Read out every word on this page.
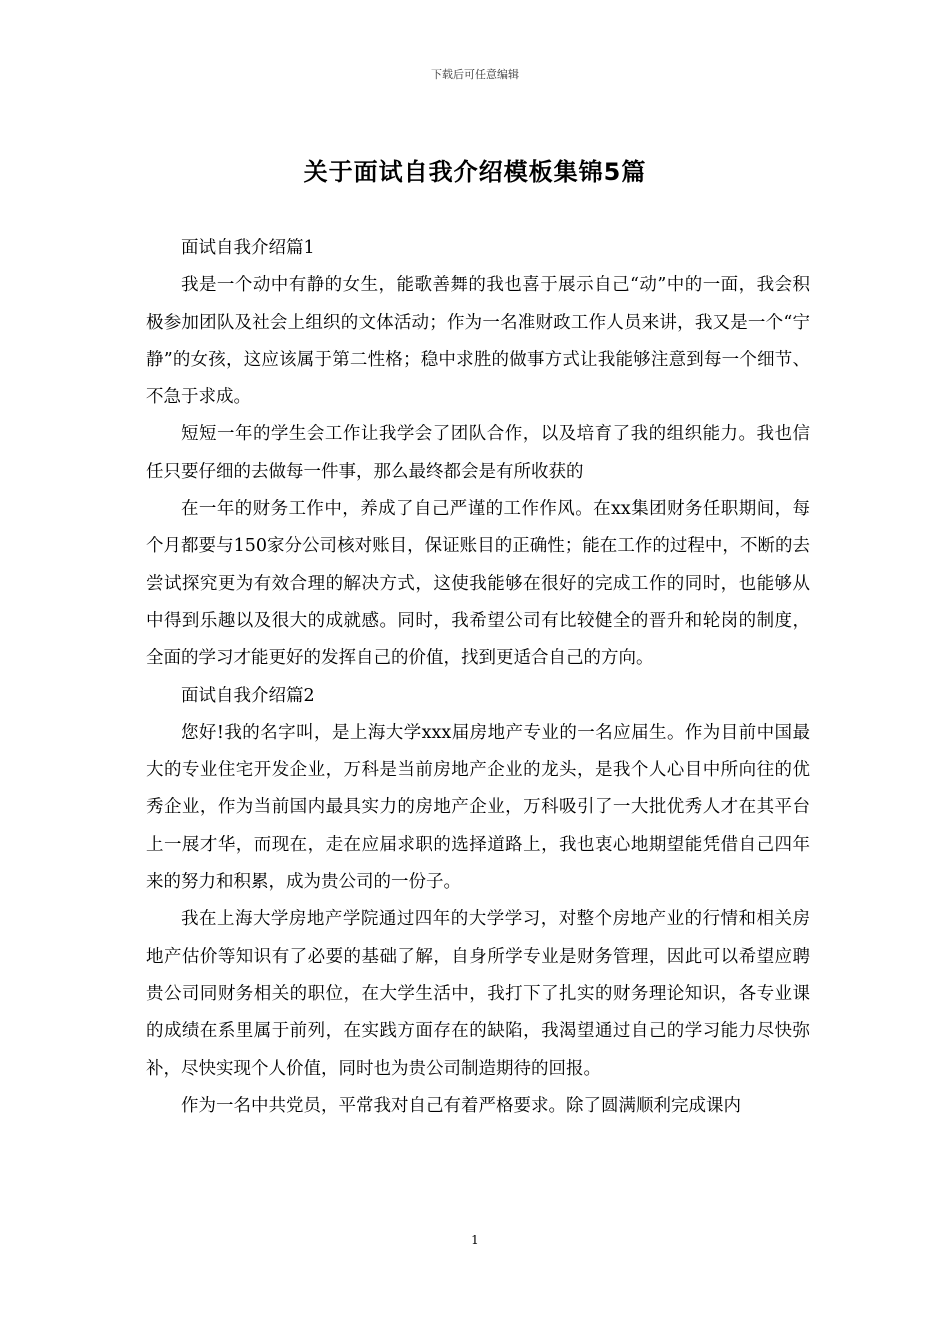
下载后可任意编辑
关于面试自我介绍模板集锦5篇

面试自我介绍篇1

我是一个动中有静的女生，能歌善舞的我也喜于展示自己“动”中的一面，我会积极参加团队及社会上组织的文体活动；作为一名准财政工作人员来讲，我又是一个“宁静”的女孩，这应该属于第二性格；稳中求胜的做事方式让我能够注意到每一个细节、不急于求成。

短短一年的学生会工作让我学会了团队合作，以及培育了我的组织能力。我也信任只要仔细的去做每一件事，那么最终都会是有所收获的

在一年的财务工作中，养成了自己严谨的工作作风。在xx集团财务任职期间，每个月都要与150家分公司核对账目，保证账目的正确性；能在工作的过程中，不断的去尝试探究更为有效合理的解决方式，这使我能够在很好的完成工作的同时，也能够从中得到乐趣以及很大的成就感。同时，我希望公司有比较健全的晋升和轮岗的制度，全面的学习才能更好的发挥自己的价值，找到更适合自己的方向。

面试自我介绍篇2

您好!我的名字叫，是上海大学xxx届房地产专业的一名应届生。作为目前中国最大的专业住宅开发企业，万科是当前房地产企业的龙头，是我个人心目中所向往的优秀企业，作为当前国内最具实力的房地产企业，万科吸引了一大批优秀人才在其平台上一展才华，而现在，走在应届求职的选择道路上，我也衷心地期望能凭借自己四年来的努力和积累，成为贵公司的一份子。

我在上海大学房地产学院通过四年的大学学习，对整个房地产业的行情和相关房地产估价等知识有了必要的基础了解，自身所学专业是财务管理，因此可以希望应聘贵公司同财务相关的职位，在大学生活中，我打下了扎实的财务理论知识，各专业课的成绩在系里属于前列，在实践方面存在的缺陷，我渴望通过自己的学习能力尽快弥补，尽快实现个人价值，同时也为贵公司制造期待的回报。

作为一名中共党员，平常我对自己有着严格要求。除了圆满顺利完成课内

1
